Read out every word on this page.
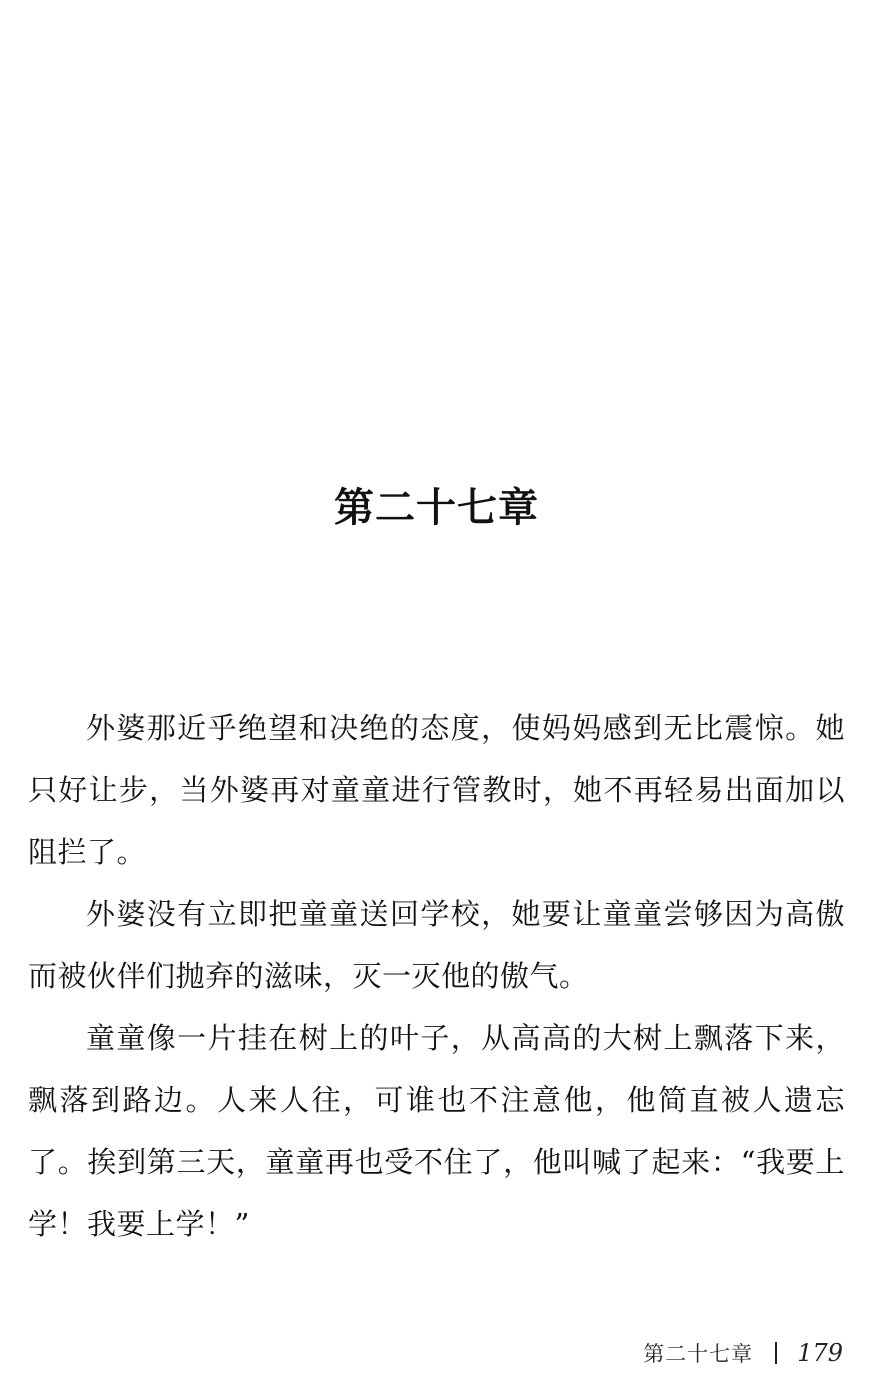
第二十七章

外婆那近乎绝望和决绝的态度，使妈妈感到无比震惊。她只好让步，当外婆再对童童进行管教时，她不再轻易出面加以阻拦了。

外婆没有立即把童童送回学校，她要让童童尝够因为高傲而被伙伴们抛弃的滋味，灭一灭他的傲气。

童童像一片挂在树上的叶子，从高高的大树上飘落下来，飘落到路边。人来人往，可谁也不注意他，他简直被人遗忘了。挨到第三天，童童再也受不住了，他叫喊了起来：“我要上学！我要上学！”

第二十七章 179
